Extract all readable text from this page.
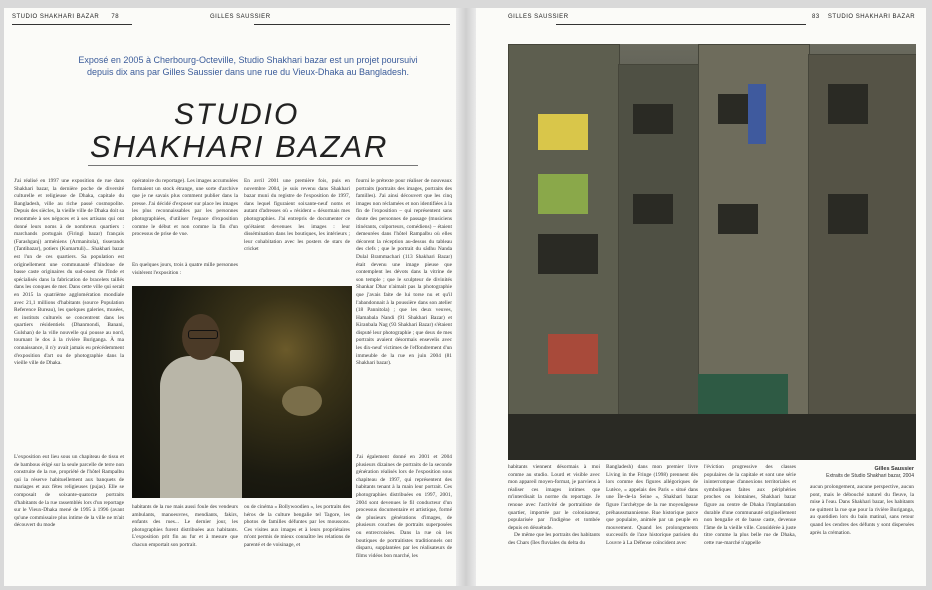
STUDIO SHAKHARI BAZAR 78	GILLES SAUSSIER
Exposé en 2005 à Cherbourg-Octeville, Studio Shakhari bazar est un projet poursuivi depuis dix ans par Gilles Saussier dans une rue du Vieux-Dhaka au Bangladesh.
STUDIO
SHAKHARI BAZAR
J'ai réalisé en 1997 une exposition de rue dans Shakhari bazar, la dernière poche de diversité culturelle et religieuse de Dhaka, capitale du Bangladesh, ville au riche passé cosmopolite. Depuis des siècles, la vieille ville de Dhaka doit sa renommée à ses négoces et à ses artisans qui ont donné leurs noms à de nombreux quartiers : marchands portugais (Firingi bazar) français (Farashganj) arméniens (Armanitola), tisserands (Tantibazar), potiers (Kumartuli)... Shakhari bazar est l'un de ces quartiers. Sa population est originellement une communauté d'hindoue de basse caste originaires du sud-ouest de l'Inde et spécialisés dans la fabrication de bracelets taillés dans les conques de mer. Dans cette ville qui serait en 2015 la quatrième agglomération mondiale avec 21,1 millions d'habitants (source Population Reference Bureau), les quelques galeries, musées, et instituts culturels se concentrent dans les quartiers résidentiels (Dhanmondi, Banani, Gulshan) de la ville nouvelle qui pousse au nord, tournant le dos à la rivière Buriganga. À ma connaissance, il n'y avait jamais eu précédemment d'exposition d'art ou de photographie dans la vieille ville de Dhaka.
L'exposition eut lieu sous un chapiteau de tissu et de bambous érigé sur la seule parcelle de terre non construite de la rue, propriété de l'hôtel Rampalbu qui la réserve habituellement aux banquets de mariages et aux fêtes religieuses (pujas). Elle se composait de soixante-quatorze portraits d'habitants de la rue rassemblés lors d'un reportage sur le Vieux-Dhaka mené de 1995 à 1996 (avant qu'une commissaire plus intime de la ville ne m'ait découvert du mode
opératoire du reportage). Les images accumulées formaient un stock étrange, une sorte d'archive que je ne savais plus comment publier dans la presse. J'ai décidé d'exposer sur place les images les plus reconnaissables par les personnes photographiées, d'utiliser l'espace d'exposition comme le début et non comme la fin d'un processus de prise de vue.
En quelques jours, trois à quatre mille personnes visitèrent l'exposition :
habitants de la rue mais aussi foule des vendeurs ambulants, manoeuvres, mendiants, fakirs, enfants des rues... Le dernier jour, les photographies furent distribuées aux habitants. L'exposition prit fin au fur et à mesure que chacun emportait son portrait.
En avril 2001 une première fois, puis en novembre 2004, je suis revenu dans Shakhari bazar muni du registre de l'exposition de 1997, dans lequel figuraient soixante-neuf noms et autant d'adresses où « résident » désormais mes photographies. J'ai entrepris de documenter ce qu'étaient devenues les images : leur dissémination dans les boutiques, les intérieurs ; leur cohabitation avec les posters de stars de cricket
ou de cinéma « Bollywoodien », les portraits des héros de la culture bengalie tel Tagore, les photos de familles défuntes par les moussons. Ces visites aux images et à leurs propriétaires m'ont permis de mieux connaître les relations de parenté et de voisinage, et
fourni le prétexte pour réaliser de nouveaux portraits (portraits des images, portraits des familles). J'ai ainsi découvert que les cinq images non réclamées et non identifiées à la fin de l'exposition – qui représentent sans doute des personnes de passage (musiciens itinérants, colporteurs, comédiens) – étaient demeurées dans l'hôtel Rampalbu où elles décorent la réception au-dessus du tableau des clefs ; que le portrait du sâdhu Nanda Dulal Brammachari (113 Shakhari Bazar) était devenu une image pieuse que contemplent les dévots dans la vitrine de son temple ; que le sculpteur de divinités Shankar Dhar n'aimait pas la photographie que j'avais faite de lui torse nu et qu'il l'abandonnait à la poussière dans son atelier (18 Pannitola) ; que les deux veuves, Hamabala Nandi (91 Shakhari Bazar) et Kiranbala Nag (93 Shakhari Bazar) s'étaient disputé leur photographie ; que deux de mes portraits avaient désormais ensevelis avec les dix-neuf victimes de l'effondrement d'un immeuble de la rue en juin 2004 (81 Shakhari bazar).
J'ai également donné en 2001 et 2004 plusieurs dizaines de portraits de la seconde génération réalisés lors de l'exposition sous chapiteau de 1997, qui représentent des habitants tenant à la main leur portrait. Ces photographies distribuées en 1997, 2001, 2004 sont devenues le fil conducteur d'un processus documentaire et artistique, formé de plusieurs générations d'images, de plusieurs couches de portraits superposées ou entrecroisées. Dans la rue où les boutiques de portraitistes traditionnels ont disparu, supplantées par les réalisateurs de films vidéos bon marché, les
GILLES SAUSSIER	83 STUDIO SHAKHARI BAZAR
Gilles Saussier
Extraits de Studio Shakhari bazar, 2004
habitants viennent désormais à moi comme au studio. Lourd et visible avec mon appareil moyen-format, je parviens à réaliser ces images intimes que m'interdisait la norme du reportage. Je renoue avec l'activité de portraitiste de quartier, importée par le colonisateur, popularisée par l'indigène et tombée depuis en désuétude.
De même que les portraits des habitants des Chars (îles fluviales du delta du
Bangladesh) dans mon premier livre Living in the Fringe (1998) prennent dès lors comme des figures allégoriques de Lutèce, « appelais des Paris » situé dans une Île-de-la Seine », Shakhari bazar figure l'archétype de la rue moyenâgeuse préhaussmannienne. Rue historique parce que populaire, animée par un peuple en mouvement. Quand les prolongements successifs de l'axe historique parisien du Louvre à La Défense coïncident avec
l'éviction progressive des classes populaires de la capitale et sont une série ininterrompue d'annexions territoriales et symboliques faites aux périphéries proches ou lointaines, Shakhari bazar figure au centre de Dhaka l'implantation durable d'une communauté originellement non bengalie et de basse caste, devenue l'âme de la vieille ville. Considérée à juste titre comme la plus belle rue de Dhaka, cette rue-marché n'appelle
aucun prolongement, aucune perspective, aucun pont, mais le débouché naturel du fleuve, la mise à l'eau. Dans Shakhari bazar, les habitants ne quittent la rue que pour la rivière Buriganga, au quotidien lors du bain matinal, sans retour quand les cendres des défunts y sont dispersées après la crémation.
